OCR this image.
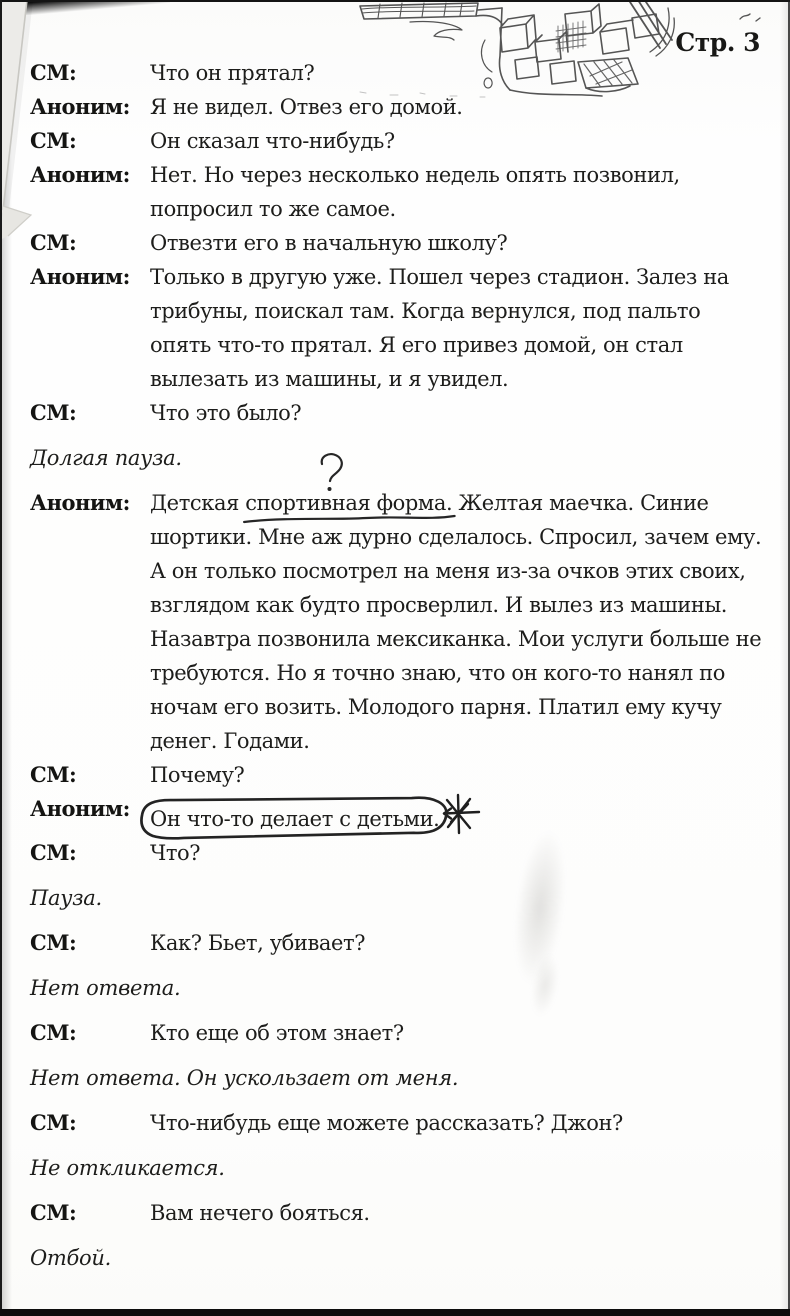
Стр. 3
СМ:	Что он прятал?
Аноним: Я не видел. Отвез его домой.
СМ:	Он сказал что-нибудь?
Аноним: Нет. Но через несколько недель опять позвонил, попросил то же самое.
СМ:	Отвезти его в начальную школу?
Аноним: Только в другую уже. Пошел через стадион. Залез на трибуны, поискал там. Когда вернулся, под пальто опять что-то прятал. Я его привез домой, он стал вылезать из машины, и я увидел.
СМ:	Что это было?
Долгая пауза.
Аноним: Детская спортивная форма
. Желтая маечка. Синие шортики. Мне аж дурно сделалось. Спросил, зачем ему. А он только посмотрел на меня из-за очков этих своих, взглядом как будто просверлил. И вылез из машины. Назавтра позвонила мексиканка. Мои услуги больше не требуются. Но я точно знаю, что он кого-то нанял по ночам его возить. Молодого парня. Платил ему кучу денег. Годами.
СМ:	Почему?
Аноним: Он что-то делает с детьми.
СМ:	Что?
Пауза.
СМ:	Как? Бьет, убивает?
Нет ответа.
СМ:	Кто еще об этом знает?
Нет ответа. Он ускользает от меня.
СМ:	Что-нибудь еще можете рассказать? Джон?
Не откликается.
СМ:	Вам нечего бояться.
Отбой.
